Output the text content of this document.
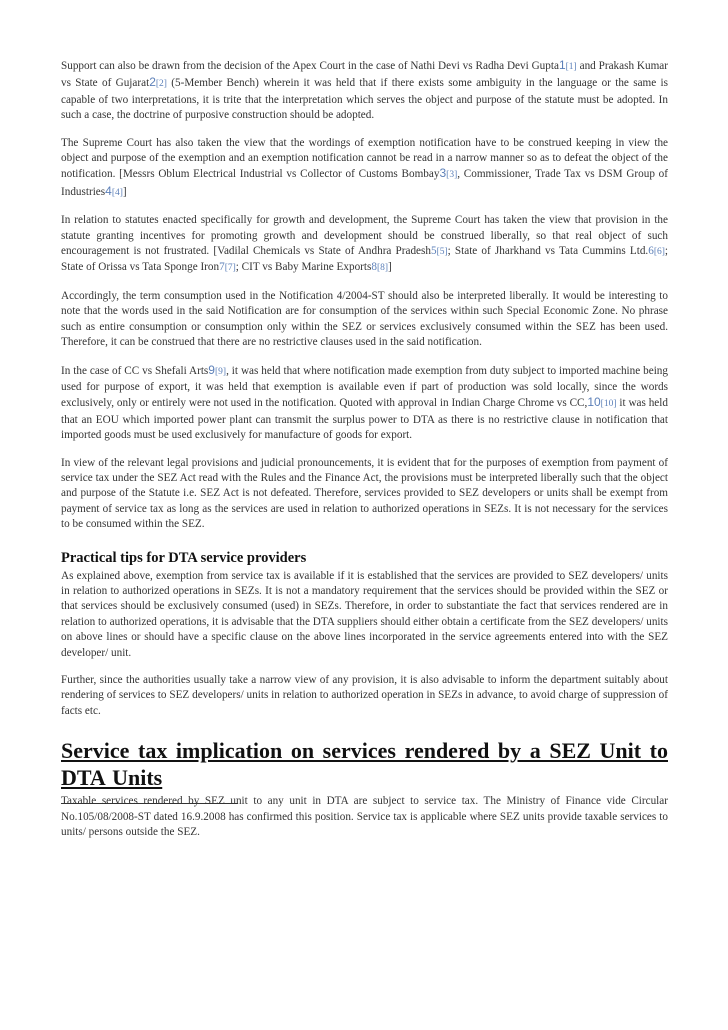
Support can also be drawn from the decision of the Apex Court in the case of Nathi Devi vs Radha Devi Gupta1[1] and Prakash Kumar vs State of Gujarat2[2] (5-Member Bench) wherein it was held that if there exists some ambiguity in the language or the same is capable of two interpretations, it is trite that the interpretation which serves the object and purpose of the statute must be adopted. In such a case, the doctrine of purposive construction should be adopted.

The Supreme Court has also taken the view that the wordings of exemption notification have to be construed keeping in view the object and purpose of the exemption and an exemption notification cannot be read in a narrow manner so as to defeat the object of the notification. [Messrs Oblum Electrical Industrial vs Collector of Customs Bombay3[3], Commissioner, Trade Tax vs DSM Group of Industries4[4]]

In relation to statutes enacted specifically for growth and development, the Supreme Court has taken the view that provision in the statute granting incentives for promoting growth and development should be construed liberally, so that real object of such encouragement is not frustrated. [Vadilal Chemicals vs State of Andhra Pradesh5[5]; State of Jharkhand vs Tata Cummins Ltd.6[6]; State of Orissa vs Tata Sponge Iron7[7]; CIT vs Baby Marine Exports8[8]]

Accordingly, the term consumption used in the Notification 4/2004-ST should also be interpreted liberally. It would be interesting to note that the words used in the said Notification are for consumption of the services within such Special Economic Zone. No phrase such as entire consumption or consumption only within the SEZ or services exclusively consumed within the SEZ has been used. Therefore, it can be construed that there are no restrictive clauses used in the said notification.

In the case of CC vs Shefali Arts9[9], it was held that where notification made exemption from duty subject to imported machine being used for purpose of export, it was held that exemption is available even if part of production was sold locally, since the words exclusively, only or entirely were not used in the notification. Quoted with approval in Indian Charge Chrome vs CC,10[10] it was held that an EOU which imported power plant can transmit the surplus power to DTA as there is no restrictive clause in notification that imported goods must be used exclusively for manufacture of goods for export.

In view of the relevant legal provisions and judicial pronouncements, it is evident that for the purposes of exemption from payment of service tax under the SEZ Act read with the Rules and the Finance Act, the provisions must be interpreted liberally such that the object and purpose of the Statute i.e. SEZ Act is not defeated. Therefore, services provided to SEZ developers or units shall be exempt from payment of service tax as long as the services are used in relation to authorized operations in SEZs. It is not necessary for the services to be consumed within the SEZ.

Practical tips for DTA service providers

As explained above, exemption from service tax is available if it is established that the services are provided to SEZ developers/ units in relation to authorized operations in SEZs. It is not a mandatory requirement that the services should be provided within the SEZ or that services should be exclusively consumed (used) in SEZs. Therefore, in order to substantiate the fact that services rendered are in relation to authorized operations, it is advisable that the DTA suppliers should either obtain a certificate from the SEZ developers/ units on above lines or should have a specific clause on the above lines incorporated in the service agreements entered into with the SEZ developer/ unit.

Further, since the authorities usually take a narrow view of any provision, it is also advisable to inform the department suitably about rendering of services to SEZ developers/ units in relation to authorized operation in SEZs in advance, to avoid charge of suppression of facts etc.

Service tax implication on services rendered by a SEZ Unit to DTA Units

Taxable services rendered by SEZ unit to any unit in DTA are subject to service tax. The Ministry of Finance vide Circular No.105/08/2008-ST dated 16.9.2008 has confirmed this position. Service tax is applicable where SEZ units provide taxable services to units/ persons outside the SEZ.
